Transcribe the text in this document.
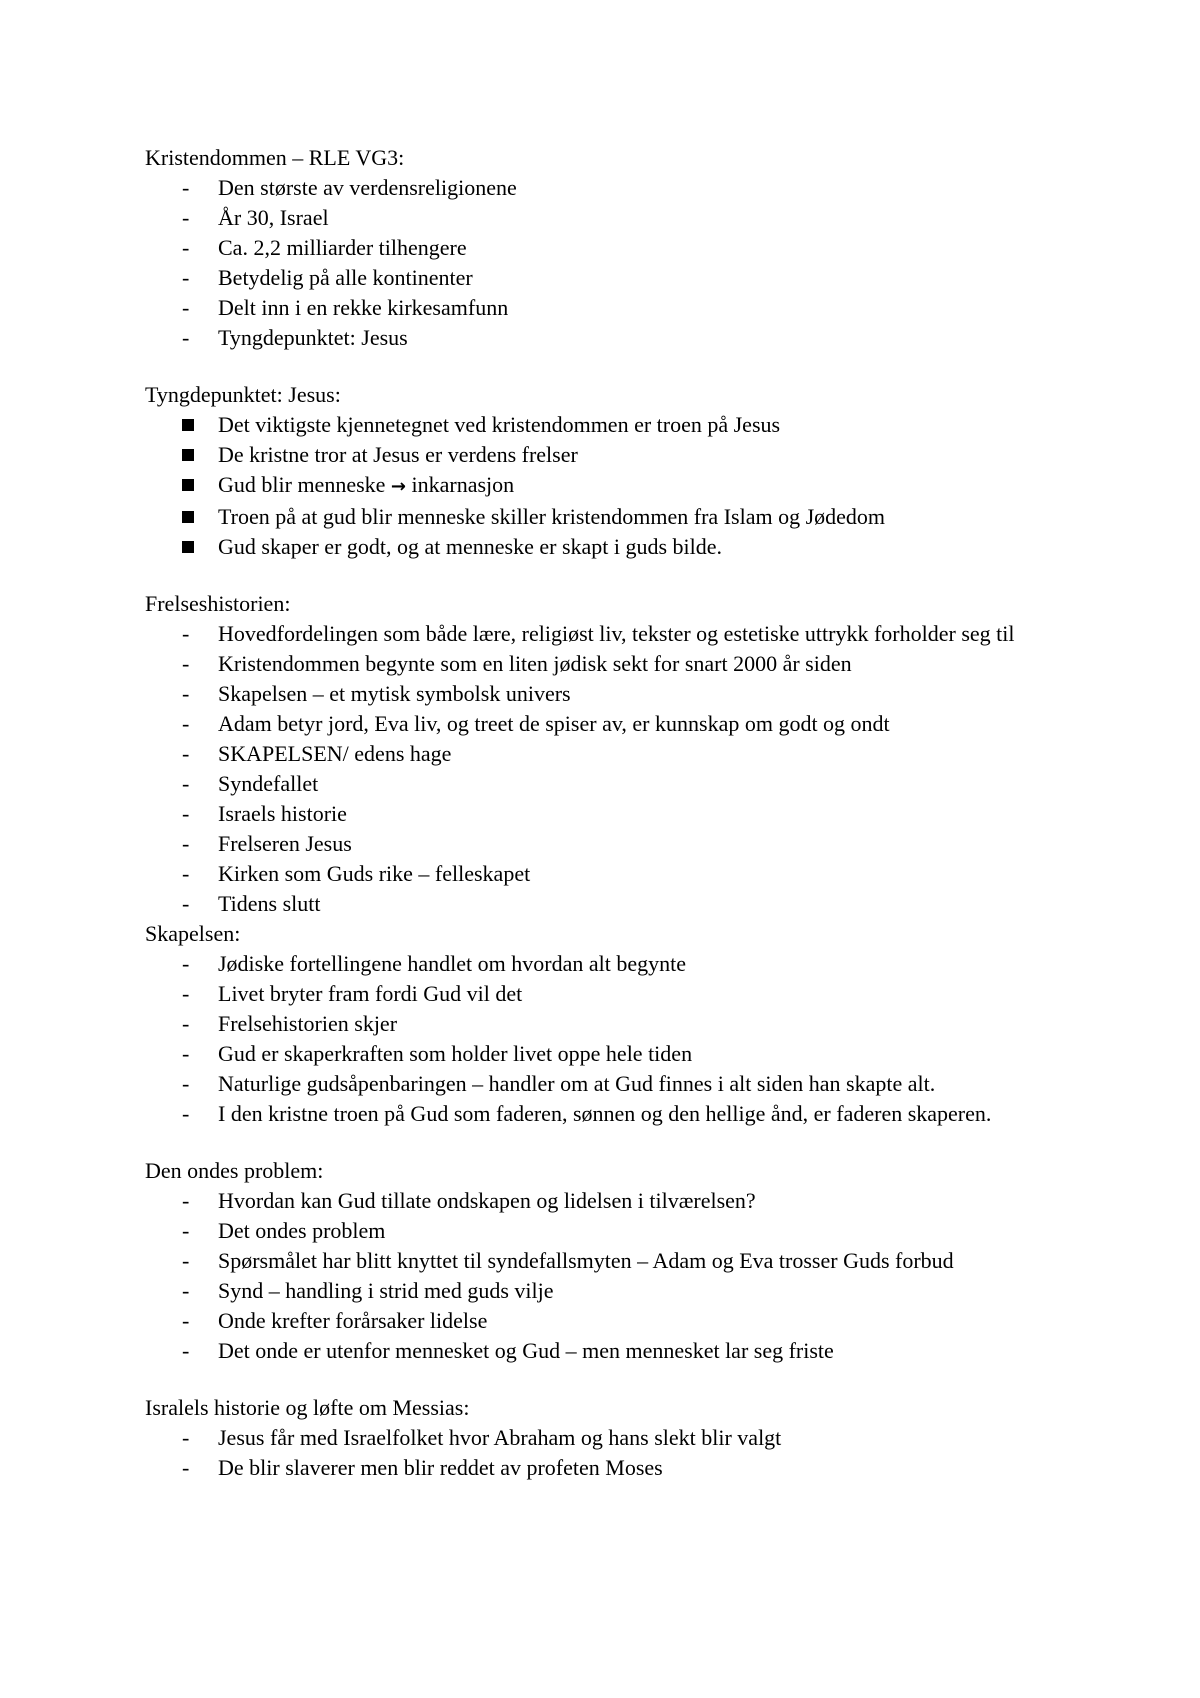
Kristendommen – RLE VG3:

-	Den største av verdensreligionene
-	År 30, Israel
-	Ca. 2,2 milliarder tilhengere
-	Betydelig på alle kontinenter
-	Delt inn i en rekke kirkesamfunn
-	Tyngdepunktet: Jesus

Tyngdepunktet: Jesus:

Det viktigste kjennetegnet ved kristendommen er troen på Jesus
De kristne tror at Jesus er verdens frelser
Gud blir menneske → inkarnasjon
Troen på at gud blir menneske skiller kristendommen fra Islam og Jødedom
Gud skaper er godt, og at menneske er skapt i guds bilde.

Frelseshistorien:

-	Hovedfordelingen som både lære, religiøst liv, tekster og estetiske uttrykk forholder seg til
-	Kristendommen begynte som en liten jødisk sekt for snart 2000 år siden
-	Skapelsen – et mytisk symbolsk univers
-	Adam betyr jord, Eva liv, og treet de spiser av, er kunnskap om godt og ondt
-	SKAPELSEN/ edens hage
-	Syndefallet
-	Israels historie
-	Frelseren Jesus
-	Kirken som Guds rike – felleskapet
-	Tidens slutt

Skapelsen:

-	Jødiske fortellingene handlet om hvordan alt begynte
-	Livet bryter fram fordi Gud vil det
-	Frelsehistorien skjer
-	Gud er skaperkraften som holder livet oppe hele tiden
-	Naturlige gudsåpenbaringen – handler om at Gud finnes i alt siden han skapte alt.
-	I den kristne troen på Gud som faderen, sønnen og den hellige ånd, er faderen skaperen.

Den ondes problem:

-	Hvordan kan Gud tillate ondskapen og lidelsen i tilværelsen?
-	Det ondes problem
-	Spørsmålet har blitt knyttet til syndefallsmyten – Adam og Eva trosser Guds forbud
-	Synd – handling i strid med guds vilje
-	Onde krefter forårsaker lidelse
-	Det onde er utenfor mennesket og Gud – men mennesket lar seg friste

Isralels historie og løfte om Messias:

-	Jesus får med Israelfolket hvor Abraham og hans slekt blir valgt
-	De blir slaverer men blir reddet av profeten Moses
